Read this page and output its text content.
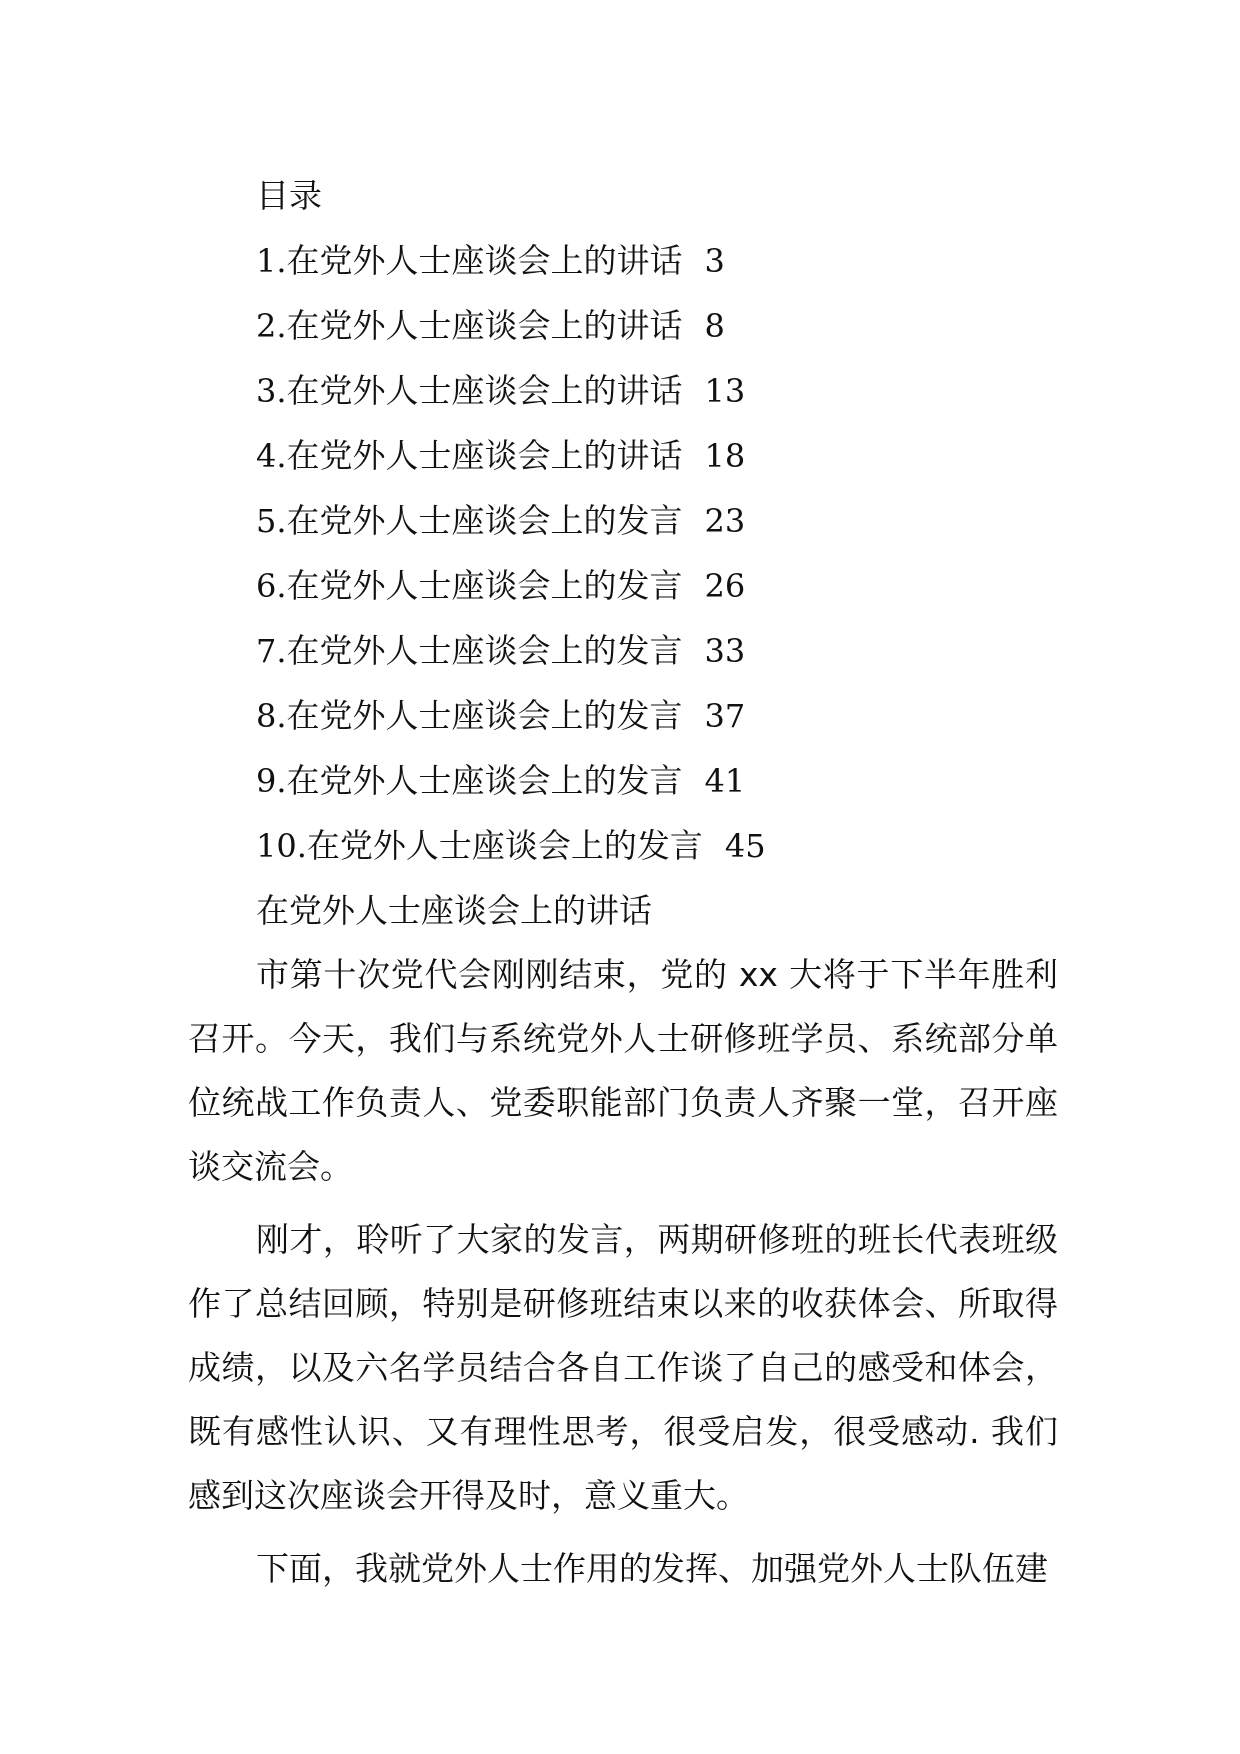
目录
1.在党外人士座谈会上的讲话 3
2.在党外人士座谈会上的讲话 8
3.在党外人士座谈会上的讲话 13
4.在党外人士座谈会上的讲话 18
5.在党外人士座谈会上的发言 23
6.在党外人士座谈会上的发言 26
7.在党外人士座谈会上的发言 33
8.在党外人士座谈会上的发言 37
9.在党外人士座谈会上的发言 41
10.在党外人士座谈会上的发言 45
在党外人士座谈会上的讲话

市第十次党代会刚刚结束，党的 xx 大将于下半年胜利召开。今天，我们与系统党外人士研修班学员、系统部分单位统战工作负责人、党委职能部门负责人齐聚一堂，召开座谈交流会。

刚才，聆听了大家的发言，两期研修班的班长代表班级作了总结回顾，特别是研修班结束以来的收获体会、所取得成绩，以及六名学员结合各自工作谈了自己的感受和体会，既有感性认识、又有理性思考，很受启发，很受感动. 我们感到这次座谈会开得及时，意义重大。

下面，我就党外人士作用的发挥、加强党外人士队伍建
